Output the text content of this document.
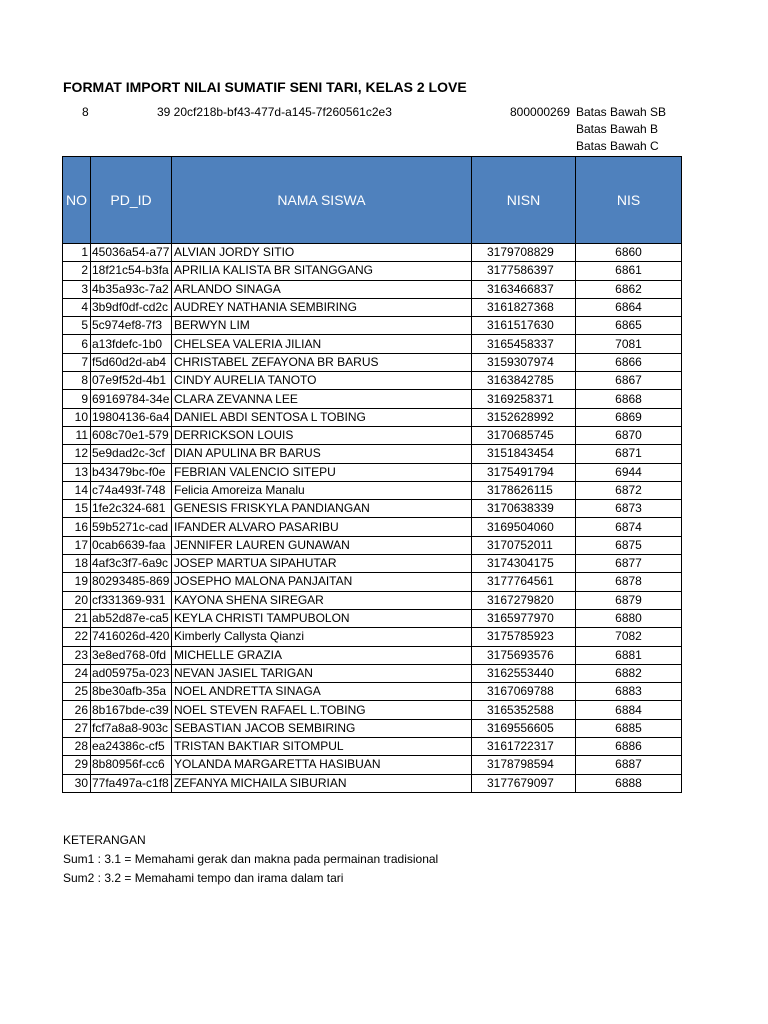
FORMAT IMPORT NILAI SUMATIF SENI TARI, KELAS 2 LOVE
8	39 20cf218b-bf43-477d-a145-7f260561c2e3	800000269 Batas Bawah SB
Batas Bawah B
Batas Bawah C
NO	PD_ID	NAMA SISWA	NISN	NIS
1	45036a54-a77	ALVIAN JORDY SITIO	3179708829	6860
2	18f21c54-b3fa	APRILIA KALISTA BR SITANGGANG	3177586397	6861
3	4b35a93c-7a2	ARLANDO SINAGA	3163466837	6862
4	3b9df0df-cd2c	AUDREY NATHANIA SEMBIRING	3161827368	6864
5	5c974ef8-7f3	BERWYN LIM	3161517630	6865
6	a13fdefc-1b0	CHELSEA VALERIA JILIAN	3165458337	7081
7	f5d60d2d-ab4	CHRISTABEL ZEFAYONA BR BARUS	3159307974	6866
8	07e9f52d-4b1	CINDY AURELIA TANOTO	3163842785	6867
9	69169784-34e	CLARA ZEVANNA LEE	3169258371	6868
10	19804136-6a4	DANIEL ABDI SENTOSA L TOBING	3152628992	6869
11	608c70e1-579	DERRICKSON LOUIS	3170685745	6870
12	5e9dad2c-3cf	DIAN APULINA BR BARUS	3151843454	6871
13	b43479bc-f0e	FEBRIAN VALENCIO SITEPU	3175491794	6944
14	c74a493f-748	Felicia Amoreiza Manalu	3178626115	6872
15	1fe2c324-681	GENESIS FRISKYLA PANDIANGAN	3170638339	6873
16	59b5271c-cad	IFANDER ALVARO PASARIBU	3169504060	6874
17	0cab6639-faa	JENNIFER LAUREN GUNAWAN	3170752011	6875
18	4af3c3f7-6a9c	JOSEP MARTUA SIPAHUTAR	3174304175	6877
19	80293485-869	JOSEPHO MALONA PANJAITAN	3177764561	6878
20	cf331369-931	KAYONA SHENA SIREGAR	3167279820	6879
21	ab52d87e-ca5	KEYLA CHRISTI TAMPUBOLON	3165977970	6880
22	7416026d-420	Kimberly Callysta Qianzi	3175785923	7082
23	3e8ed768-0fd	MICHELLE GRAZIA	3175693576	6881
24	ad05975a-023	NEVAN JASIEL TARIGAN	3162553440	6882
25	8be30afb-35a	NOEL ANDRETTA SINAGA	3167069788	6883
26	8b167bde-c39	NOEL STEVEN RAFAEL L.TOBING	3165352588	6884
27	fcf7a8a8-903c	SEBASTIAN JACOB SEMBIRING	3169556605	6885
28	ea24386c-cf5	TRISTAN BAKTIAR SITOMPUL	3161722317	6886
29	8b80956f-cc6	YOLANDA MARGARETTA HASIBUAN	3178798594	6887
30	77fa497a-c1f8	ZEFANYA MICHAILA SIBURIAN	3177679097	6888
KETERANGAN
Sum1 : 3.1 = Memahami gerak dan makna pada permainan tradisional
Sum2 : 3.2 = Memahami tempo dan irama dalam tari
